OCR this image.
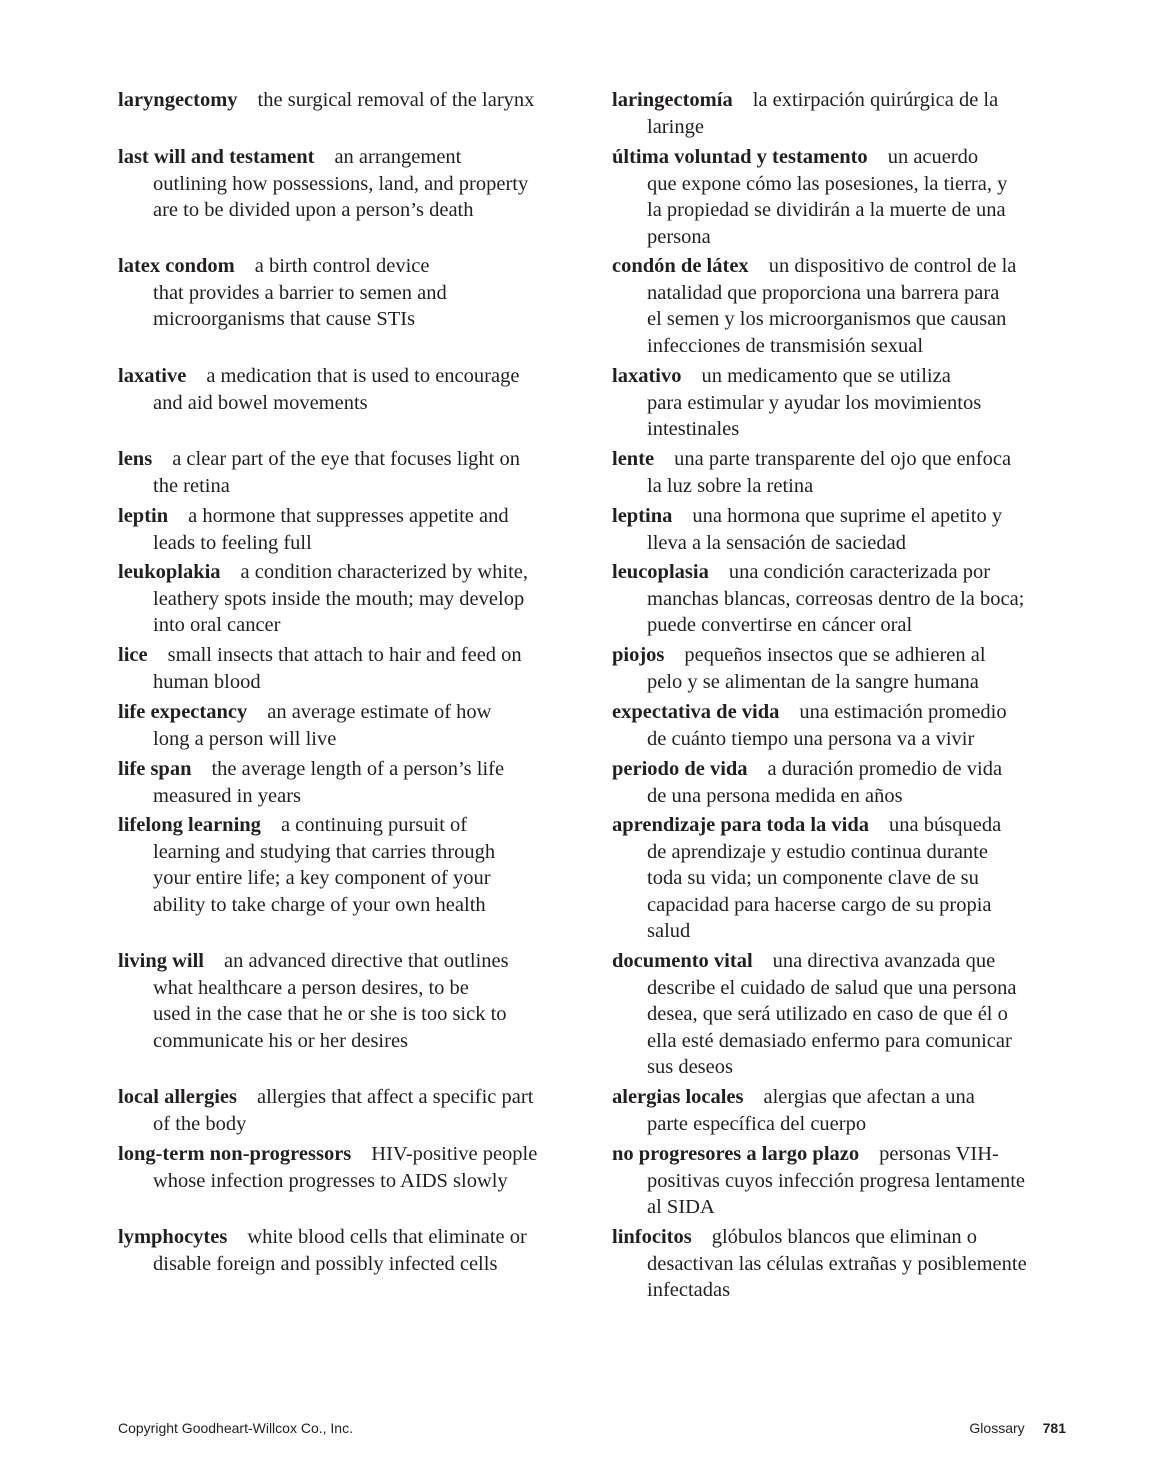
laryngectomy the surgical removal of the larynx	laringectomía la extirpación quirúrgica de la
laringe
last will and testament an arrangement
outlining how possessions, land, and property
are to be divided upon a person’s death
última voluntad y testamento un acuerdo
que expone cómo las posesiones, la tierra, y
la propiedad se dividirán a la muerte de una
persona
latex condom a birth control device
that provides a barrier to semen and
microorganisms that cause STIs
condón de látex un dispositivo de control de la
natalidad que proporciona una barrera para
el semen y los microorganismos que causan
infecciones de transmisión sexual
laxative a medication that is used to encourage
and aid bowel movements
laxativo un medicamento que se utiliza
para estimular y ayudar los movimientos
intestinales
lens a clear part of the eye that focuses light on
the retina
lente una parte transparente del ojo que enfoca
la luz sobre la retina
leptin a hormone that suppresses appetite and
leads to feeling full
leptina una hormona que suprime el apetito y
lleva a la sensación de saciedad
leukoplakia a condition characterized by white,
leathery spots inside the mouth; may develop
into oral cancer
leucoplasia una condición caracterizada por
manchas blancas, correosas dentro de la boca;
puede convertirse en cáncer oral
lice small insects that attach to hair and feed on
human blood
piojos pequeños insectos que se adhieren al
pelo y se alimentan de la sangre humana
life expectancy an average estimate of how
long a person will live
expectativa de vida una estimación promedio
de cuánto tiempo una persona va a vivir
life span the average length of a person’s life
measured in years
periodo de vida a duración promedio de vida
de una persona medida en años
lifelong learning a continuing pursuit of
learning and studying that carries through
your entire life; a key component of your
ability to take charge of your own health
aprendizaje para toda la vida una búsqueda
de aprendizaje y estudio continua durante
toda su vida; un componente clave de su
capacidad para hacerse cargo de su propia
salud
living will an advanced directive that outlines
what healthcare a person desires, to be
used in the case that he or she is too sick to
communicate his or her desires
documento vital una directiva avanzada que
describe el cuidado de salud que una persona
desea, que será utilizado en caso de que él o
ella esté demasiado enfermo para comunicar
sus deseos
local allergies allergies that affect a specific part
of the body
alergias locales alergias que afectan a una
parte específica del cuerpo
long-term non-progressors HIV-positive people
whose infection progresses to AIDS slowly
no progresores a largo plazo personas VIH-
positivas cuyos infección progresa lentamente
al SIDA
lymphocytes white blood cells that eliminate or
disable foreign and possibly infected cells
linfocitos glóbulos blancos que eliminan o
desactivan las células extrañas y posiblemente
infectadas
Copyright Goodheart-Willcox Co., Inc.	Glossary 781
